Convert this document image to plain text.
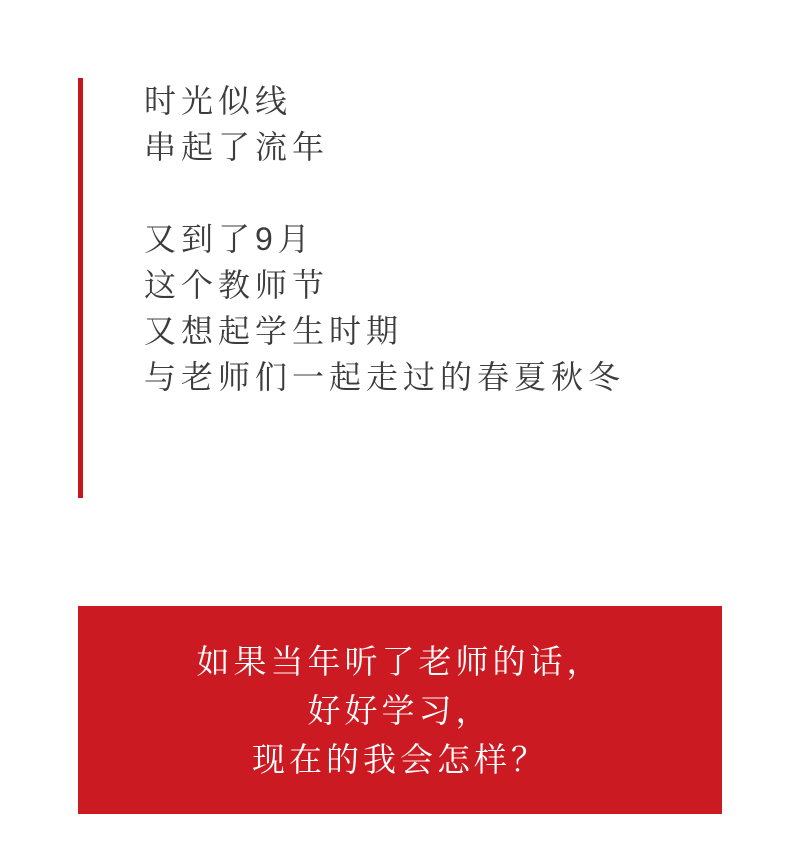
时光似线
串起了流年
又到了9月
这个教师节
又想起学生时期
与老师们一起走过的春夏秋冬
如果当年听了老师的话，
好好学习，
现在的我会怎样？
